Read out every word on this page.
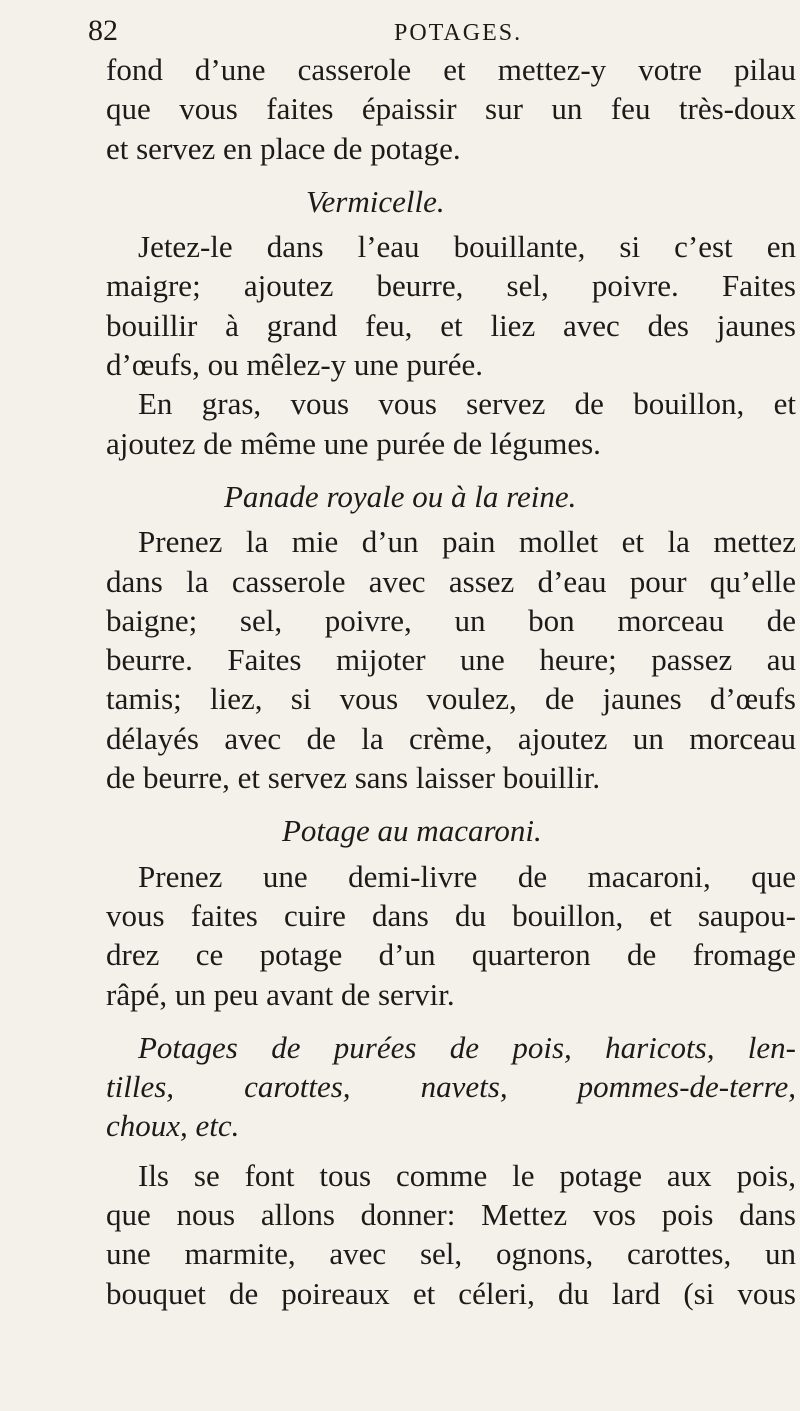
82	POTAGES.
fond d’une casserole et mettez-y votre pilau
que vous faites épaissir sur un feu très-doux
et servez en place de potage.
Vermicelle.
Jetez-le dans l’eau bouillante, si c’est en
maigre; ajoutez beurre, sel, poivre. Faites
bouillir à grand feu, et liez avec des jaunes
d’œufs, ou mêlez-y une purée.
En gras, vous vous servez de bouillon, et
ajoutez de même une purée de légumes.
Panade royale ou à la reine.
Prenez la mie d’un pain mollet et la mettez
dans la casserole avec assez d’eau pour qu’elle
baigne; sel, poivre, un bon morceau de
beurre. Faites mijoter une heure; passez au
tamis; liez, si vous voulez, de jaunes d’œufs
délayés avec de la crème, ajoutez un morceau
de beurre, et servez sans laisser bouillir.
Potage au macaroni.
Prenez une demi-livre de macaroni, que
vous faites cuire dans du bouillon, et saupou-
drez ce potage d’un quarteron de fromage
râpé, un peu avant de servir.
Potages de purées de pois, haricots, len-
tilles, carottes, navets, pommes-de-terre,
choux, etc.
Ils se font tous comme le potage aux pois,
que nous allons donner: Mettez vos pois dans
une marmite, avec sel, ognons, carottes, un
bouquet de poireaux et céleri, du lard (si vous
